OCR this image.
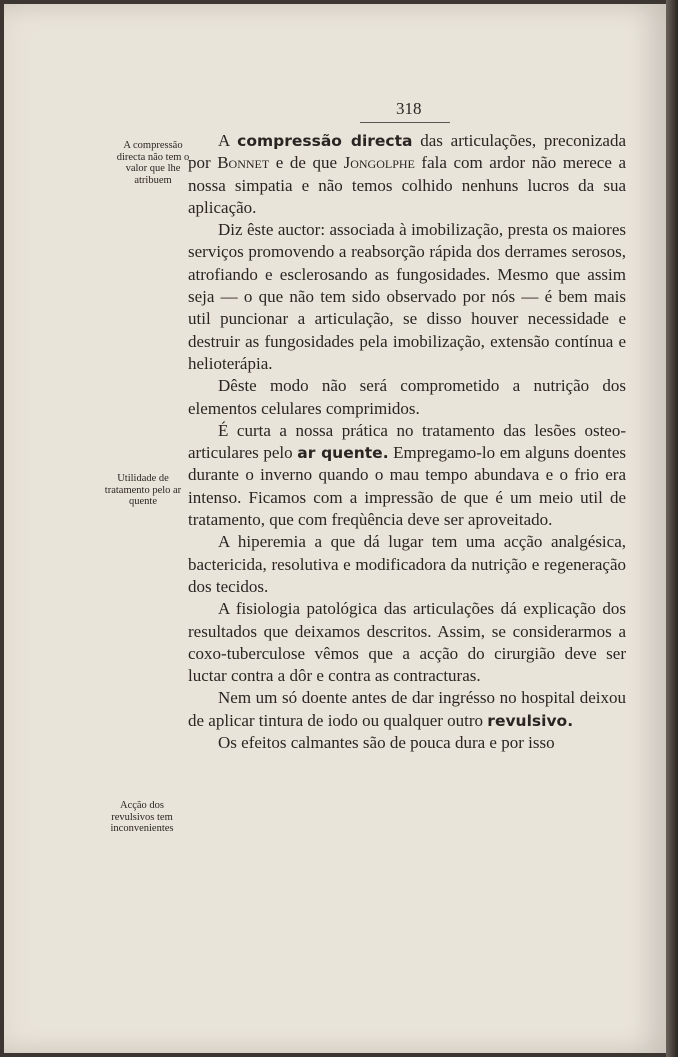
318
A compressão directa não tem o valor que lhe atribuem
Utilidade de tratamento pelo ar quente
Acção dos revulsivos tem inconvenientes

A compressão directa das articulações, preconizada por Bonnet e de que Jongolphe fala com ardor não merece a nossa simpatia e não temos colhido nenhuns lucros da sua aplicação.

Diz êste auctor: associada à imobilização, presta os maiores serviços promovendo a reabsorção rápida dos derrames serosos, atrofiando e esclerosando as fungosidades. Mesmo que assim seja — o que não tem sido observado por nós — é bem mais util puncionar a articulação, se disso houver necessidade e destruir as fungosidades pela imobilização, extensão contínua e helioterápia.

Dêste modo não será comprometido a nutrição dos elementos celulares comprimidos.

É curta a nossa prática no tratamento das lesões osteo-articulares pelo ar quente. Empregamo-lo em alguns doentes durante o inverno quando o mau tempo abundava e o frio era intenso. Ficamos com a impressão de que é um meio util de tratamento, que com freqùência deve ser aproveitado.

A hiperemia a que dá lugar tem uma acção analgésica, bactericida, resolutiva e modificadora da nutrição e regeneração dos tecidos.

A fisiologia patológica das articulações dá explicação dos resultados que deixamos descritos. Assim, se considerarmos a coxo-tuberculose vêmos que a acção do cirurgião deve ser luctar contra a dôr e contra as contracturas.

Nem um só doente antes de dar ingrésso no hospital deixou de aplicar tintura de iodo ou qualquer outro revulsivo.

Os efeitos calmantes são de pouca dura e por isso
